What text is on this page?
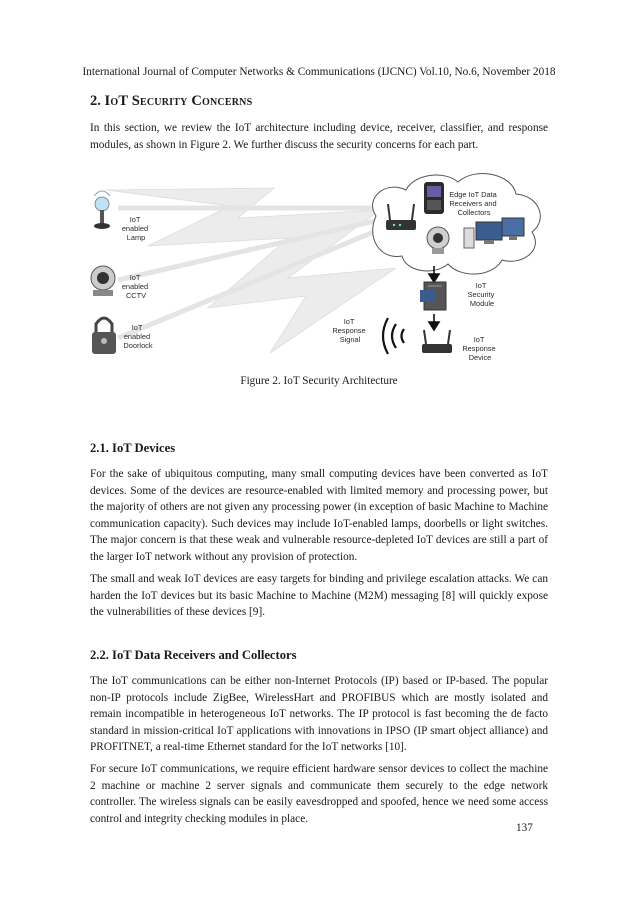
International Journal of Computer Networks & Communications (IJCNC) Vol.10, No.6, November 2018
2. IoT Security Concerns

In this section, we review the IoT architecture including device, receiver, classifier, and response modules, as shown in Figure 2. We further discuss the security concerns for each part.

Edge IoT Data Receivers and Collectors
IoT enabled Lamp
IoT enabled CCTV
IoT enabled Doorlock
IoT Security Module
IoT Response Device
IoT Response Signal
Figure 2. IoT Security Architecture
2.1. IoT Devices

For the sake of ubiquitous computing, many small computing devices have been converted as IoT devices. Some of the devices are resource-enabled with limited memory and processing power, but the majority of others are not given any processing power (in exception of basic Machine to Machine communication capacity). Such devices may include IoT-enabled lamps, doorbells or light switches. The major concern is that these weak and vulnerable resource-depleted IoT devices are still a part of the larger IoT network without any provision of protection.

The small and weak IoT devices are easy targets for binding and privilege escalation attacks. We can harden the IoT devices but its basic Machine to Machine (M2M) messaging [8] will quickly expose the vulnerabilities of these devices [9].

2.2. IoT Data Receivers and Collectors

The IoT communications can be either non-Internet Protocols (IP) based or IP-based. The popular non-IP protocols include ZigBee, WirelessHart and PROFIBUS which are mostly isolated and remain incompatible in heterogeneous IoT networks. The IP protocol is fast becoming the de facto standard in mission-critical IoT applications with innovations in IPSO (IP smart object alliance) and PROFITNET, a real-time Ethernet standard for the IoT networks [10].

For secure IoT communications, we require efficient hardware sensor devices to collect the machine 2 machine or machine 2 server signals and communicate them securely to the edge network controller. The wireless signals can be easily eavesdropped and spoofed, hence we need some access control and integrity checking modules in place.

137
